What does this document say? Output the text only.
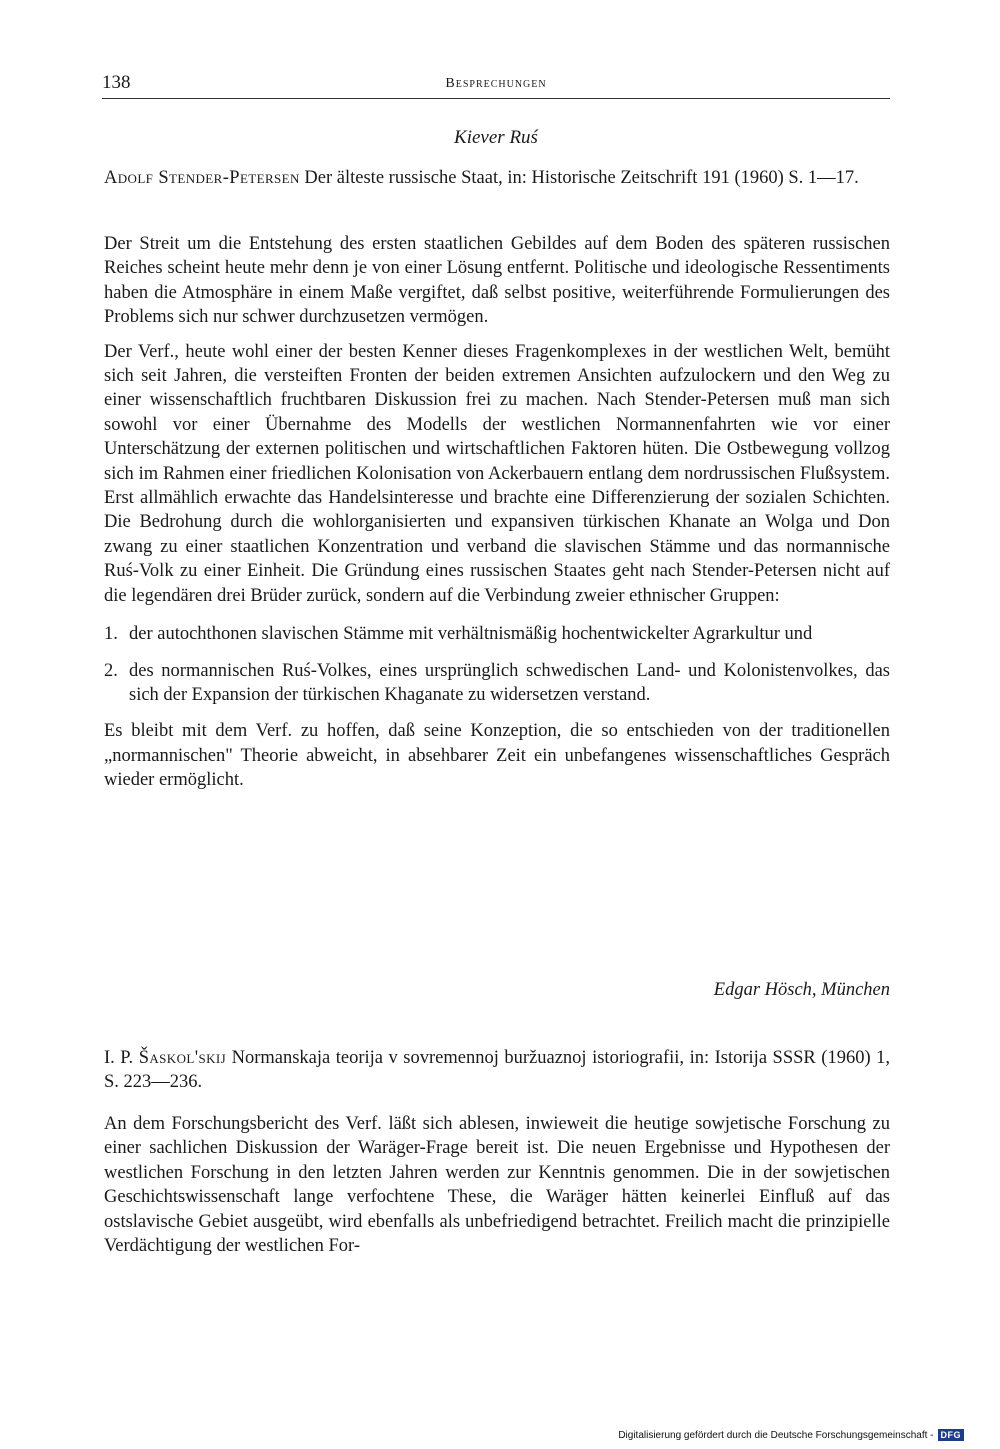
138	Besprechungen
Kiever Ruś
Adolf Stender-Petersen Der älteste russische Staat, in: Historische Zeitschrift 191 (1960) S. 1—17.

Der Streit um die Entstehung des ersten staatlichen Gebildes auf dem Boden des späteren russischen Reiches scheint heute mehr denn je von einer Lösung entfernt. Politische und ideologische Ressentiments haben die Atmosphäre in einem Maße vergiftet, daß selbst positive, weiterführende Formulierungen des Problems sich nur schwer durchzusetzen vermögen.

Der Verf., heute wohl einer der besten Kenner dieses Fragenkomplexes in der westlichen Welt, bemüht sich seit Jahren, die versteiften Fronten der beiden extremen Ansichten aufzulockern und den Weg zu einer wissenschaftlich fruchtbaren Diskussion frei zu machen. Nach Stender-Petersen muß man sich sowohl vor einer Übernahme des Modells der westlichen Normannenfahrten wie vor einer Unterschätzung der externen politischen und wirtschaftlichen Faktoren hüten. Die Ostbewegung vollzog sich im Rahmen einer friedlichen Kolonisation von Ackerbauern entlang dem nordrussischen Flußsystem. Erst allmählich erwachte das Handelsinteresse und brachte eine Differenzierung der sozialen Schichten. Die Bedrohung durch die wohlorganisierten und expansiven türkischen Khanate an Wolga und Don zwang zu einer staatlichen Konzentration und verband die slavischen Stämme und das normannische Ruś-Volk zu einer Einheit. Die Gründung eines russischen Staates geht nach Stender-Petersen nicht auf die legendären drei Brüder zurück, sondern auf die Verbindung zweier ethnischer Gruppen:

1. der autochthonen slavischen Stämme mit verhältnismäßig hochentwickelter Agrarkultur und
2. des normannischen Ruś-Volkes, eines ursprünglich schwedischen Land- und Kolonistenvolkes, das sich der Expansion der türkischen Khaganate zu widersetzen verstand.

Es bleibt mit dem Verf. zu hoffen, daß seine Konzeption, die so entschieden von der traditionellen „normannischen" Theorie abweicht, in absehbarer Zeit ein unbefangenes wissenschaftliches Gespräch wieder ermöglicht.

Edgar Hösch, München
I. P. Šaskol'skij Normanskaja teorija v sovremennoj buržuaznoj istoriografii, in: Istorija SSSR (1960) 1, S. 223—236.

An dem Forschungsbericht des Verf. läßt sich ablesen, inwieweit die heutige sowjetische Forschung zu einer sachlichen Diskussion der Waräger-Frage bereit ist. Die neuen Ergebnisse und Hypothesen der westlichen Forschung in den letzten Jahren werden zur Kenntnis genommen. Die in der sowjetischen Geschichtswissenschaft lange verfochtene These, die Waräger hätten keinerlei Einfluß auf das ostslavische Gebiet ausgeübt, wird ebenfalls als unbefriedigend betrachtet. Freilich macht die prinzipielle Verdächtigung der westlichen For-

Digitalisierung gefördert durch die Deutsche Forschungsgemeinschaft - DFG
